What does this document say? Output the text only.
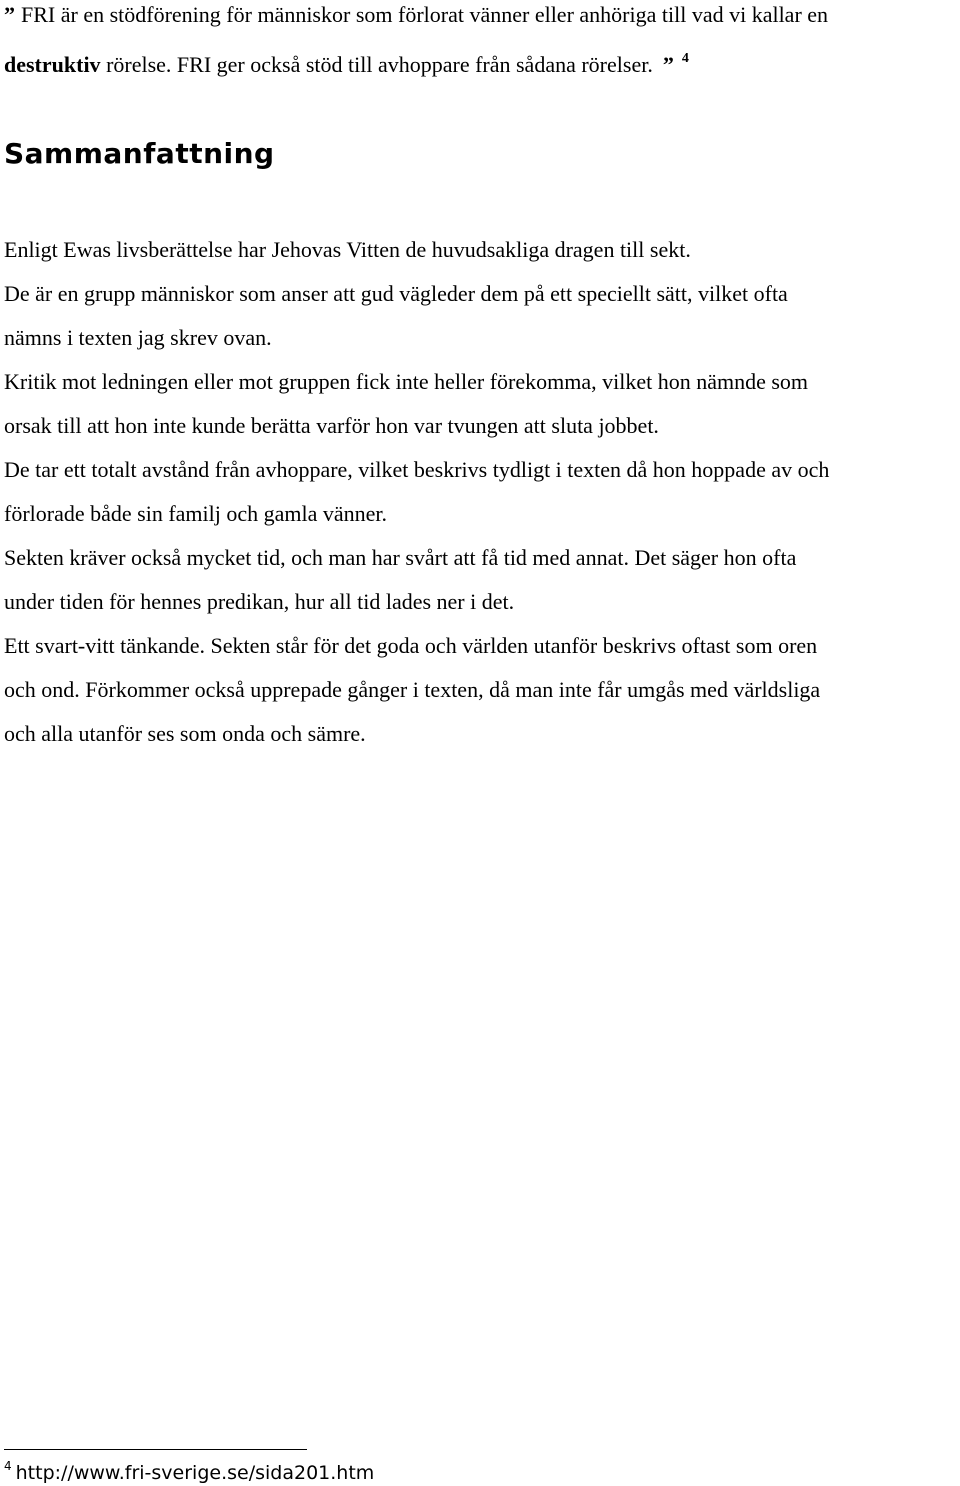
” FRI är en stödförening för människor som förlorat vänner eller anhöriga till vad vi kallar en
destruktiv rörelse. FRI ger också stöd till avhoppare från sådana rörelser. ” $^4$
Sammanfattning
Enligt Ewas livsberättelse har Jehovas Vitten de huvudsakliga dragen till sekt.
De är en grupp människor som anser att gud vägleder dem på ett speciellt sätt, vilket ofta
nämns i texten jag skrev ovan.
Kritik mot ledningen eller mot gruppen fick inte heller förekomma, vilket hon nämnde som
orsak till att hon inte kunde berätta varför hon var tvungen att sluta jobbet.
De tar ett totalt avstånd från avhoppare, vilket beskrivs tydligt i texten då hon hoppade av och
förlorade både sin familj och gamla vänner.
Sekten kräver också mycket tid, och man har svårt att få tid med annat. Det säger hon ofta
under tiden för hennes predikan, hur all tid lades ner i det.
Ett svart-vitt tänkande. Sekten står för det goda och världen utanför beskrivs oftast som oren
och ond. Förkommer också upprepade gånger i texten, då man inte får umgås med världsliga
och alla utanför ses som onda och sämre.
$^4$ http://www.fri-sverige.se/sida201.htm
